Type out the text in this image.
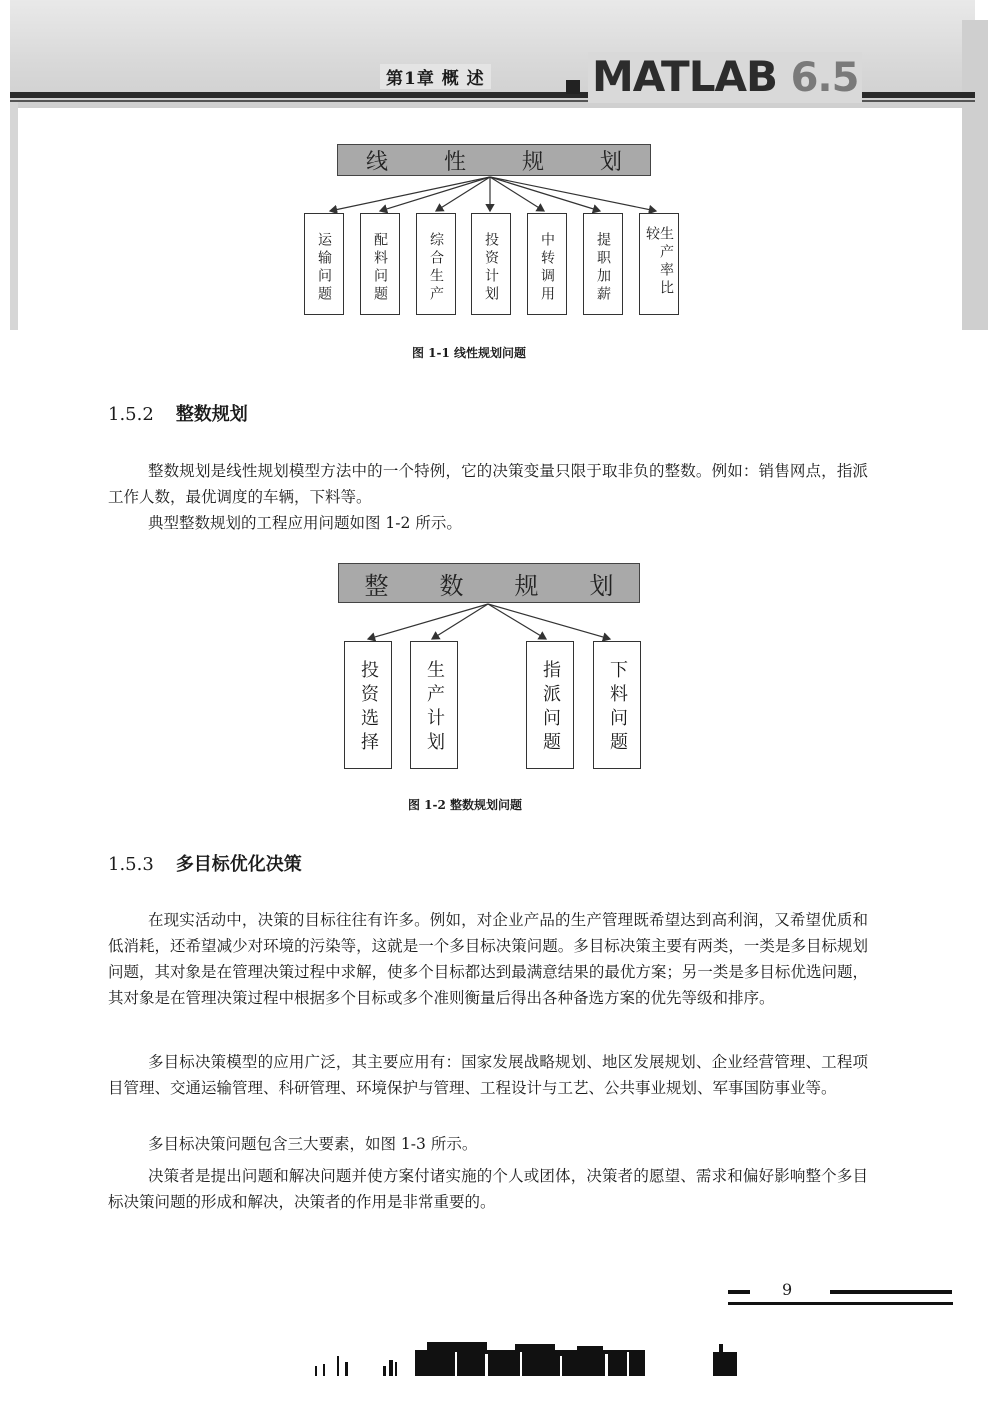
第1章 概 述	MATLAB 6.5
线	性	规	划
运输问题	配料问题	综合生产	投资计划	中转调用	提职加薪	生产率比较
图 1-1 线性规划问题
1.5.2 整数规划

整数规划是线性规划模型方法中的一个特例，它的决策变量只限于取非负的整数。例如：销售网点，指派工作人数，最优调度的车辆，下料等。

典型整数规划的工程应用问题如图 1-2 所示。

整 数 规 划
投资选择	生产计划	指派问题	下料问题
图 1-2 整数规划问题
1.5.3 多目标优化决策

在现实活动中，决策的目标往往有许多。例如，对企业产品的生产管理既希望达到高利润，又希望优质和低消耗，还希望减少对环境的污染等，这就是一个多目标决策问题。多目标决策主要有两类，一类是多目标规划问题，其对象是在管理决策过程中求解，使多个目标都达到最满意结果的最优方案；另一类是多目标优选问题，其对象是在管理决策过程中根据多个目标或多个准则衡量后得出各种备选方案的优先等级和排序。

多目标决策模型的应用广泛，其主要应用有：国家发展战略规划、地区发展规划、企业经营管理、工程项目管理、交通运输管理、科研管理、环境保护与管理、工程设计与工艺、公共事业规划、军事国防事业等。

多目标决策问题包含三大要素，如图 1-3 所示。

决策者是提出问题和解决问题并使方案付诸实施的个人或团体，决策者的愿望、需求和偏好影响整个多目标决策问题的形成和解决，决策者的作用是非常重要的。

9
